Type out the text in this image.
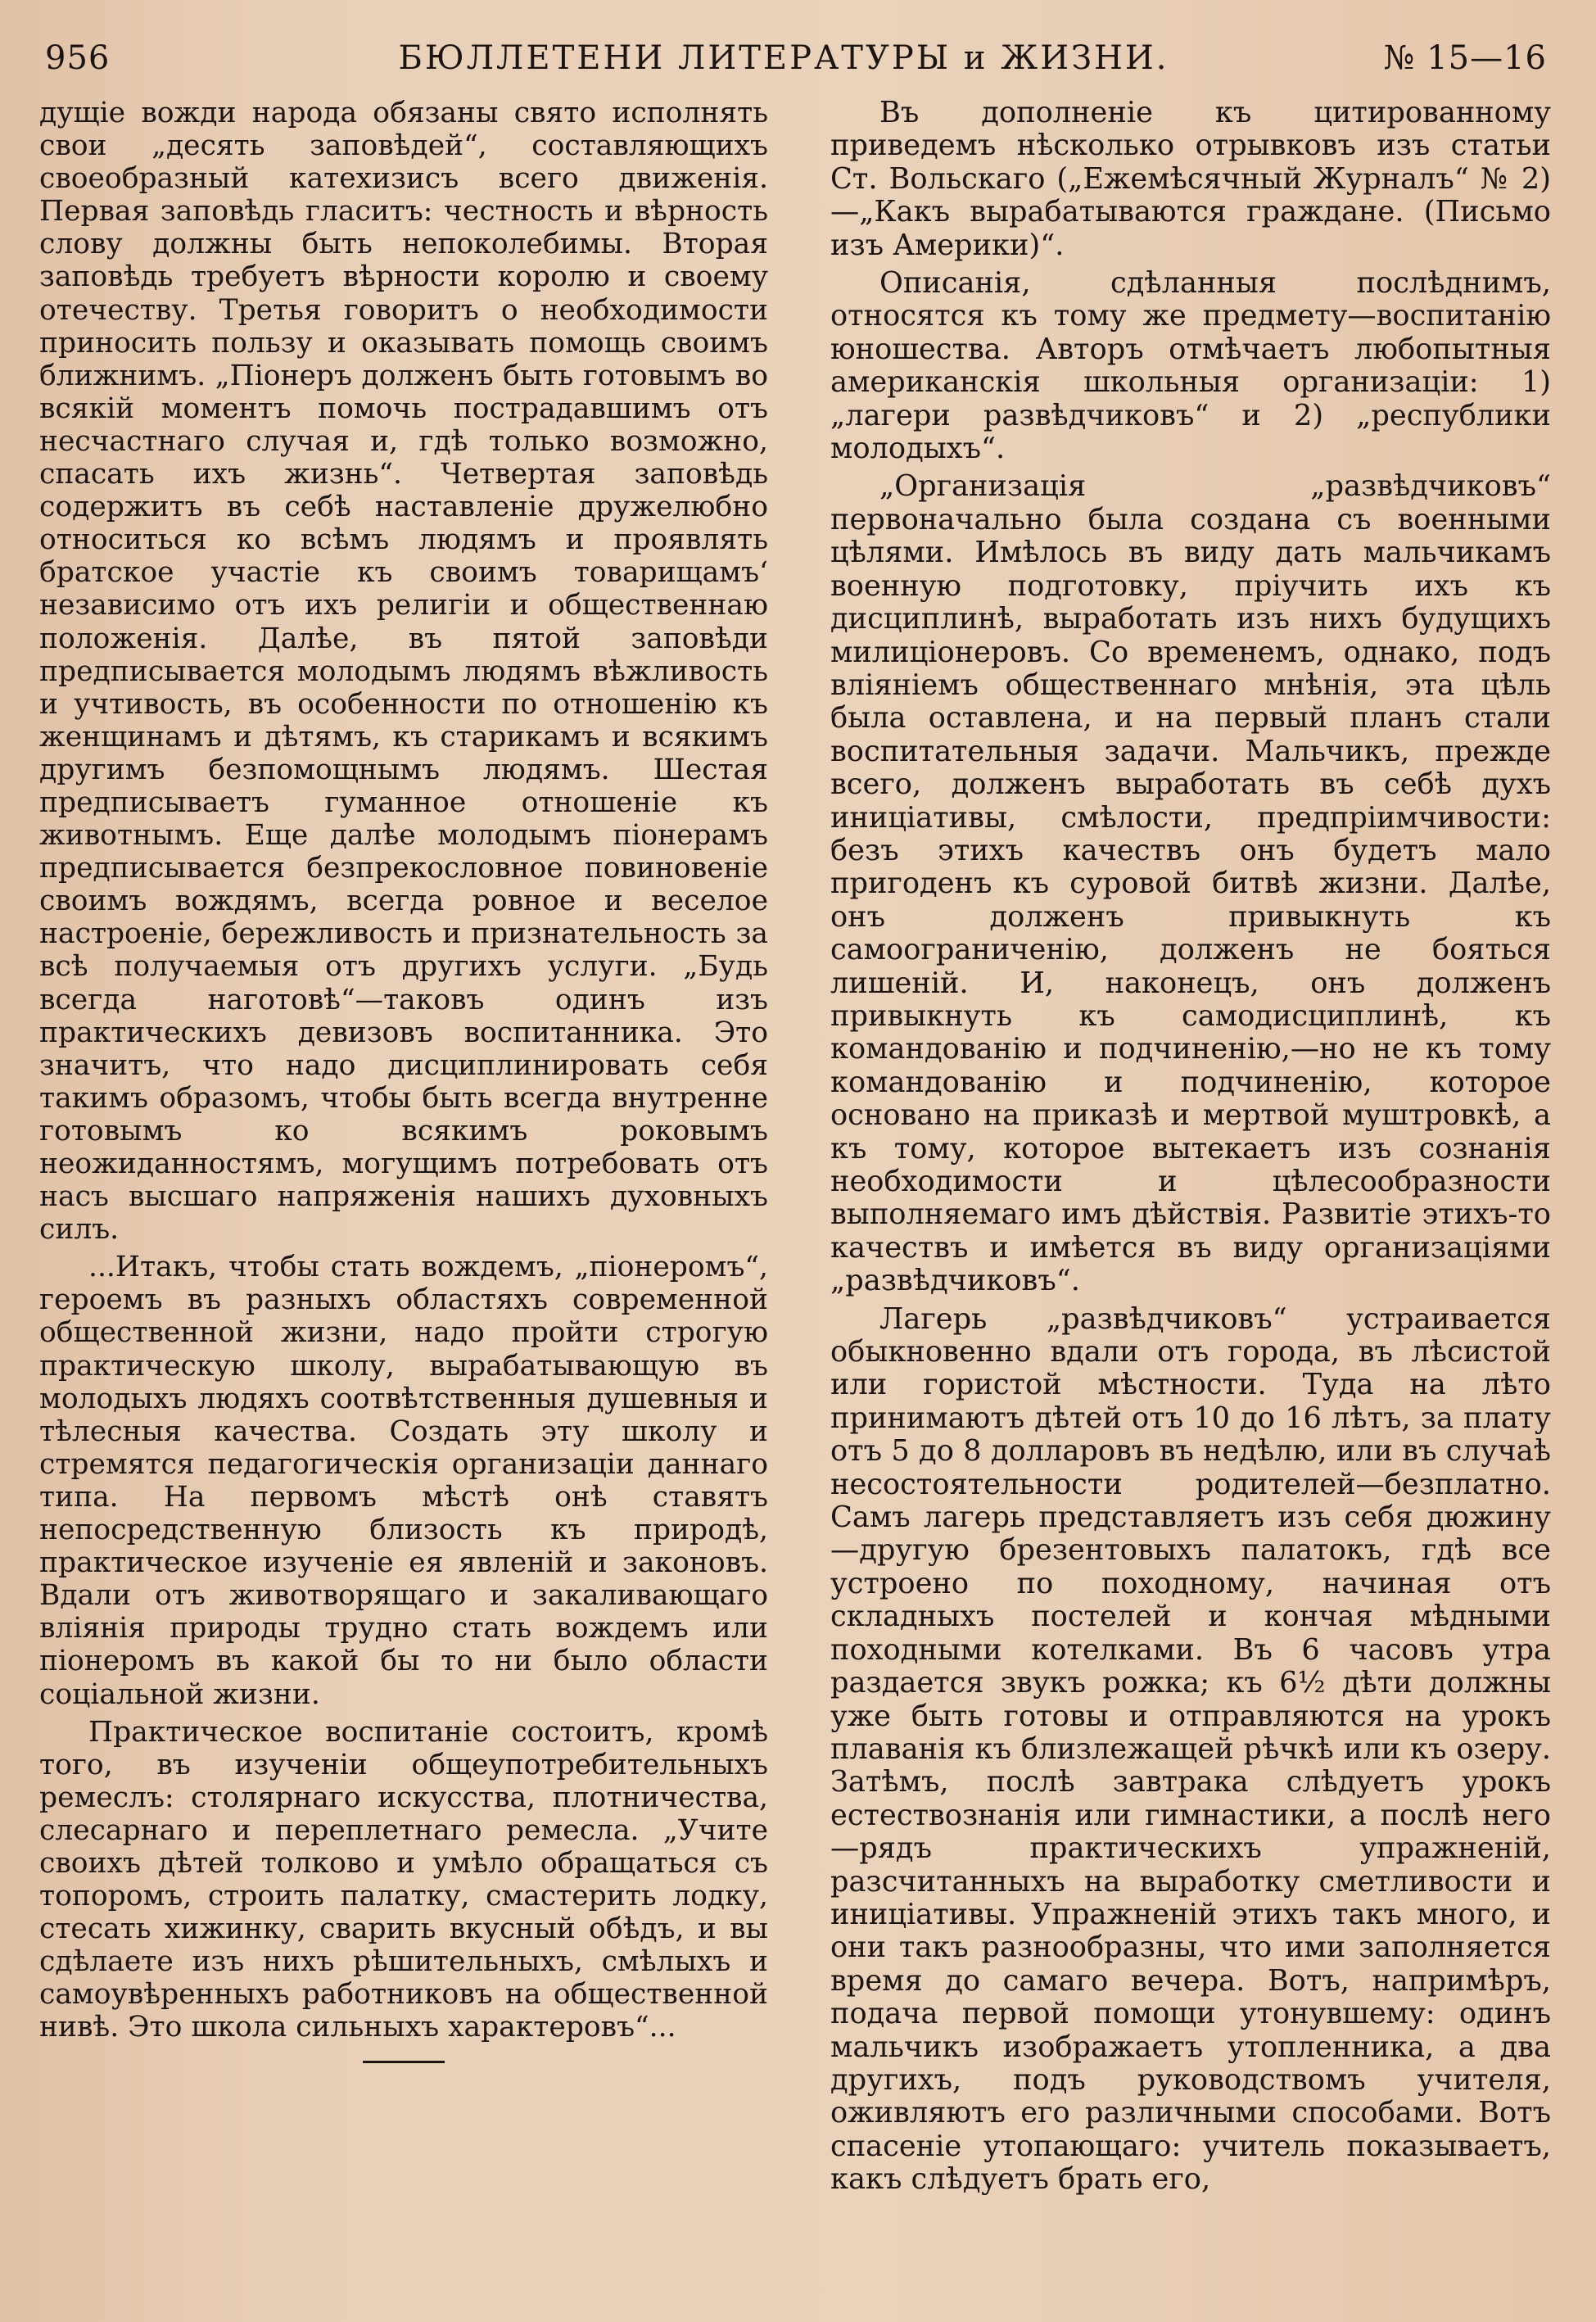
956	БЮЛЛЕТЕНИ ЛИТЕРАТУРЫ и ЖИЗНИ.	№ 15—16

дущіе вожди народа обязаны свято исполнять свои „десять заповѣдей“, составляющихъ своеобразный катехизисъ всего движенія. Первая заповѣдь гласитъ: честность и вѣрность слову должны быть непоколебимы. Вторая заповѣдь требуетъ вѣрности королю и своему отечеству. Третья говоритъ о необходимости приносить пользу и оказывать помощь своимъ ближнимъ. „Піонеръ долженъ быть готовымъ во всякій моментъ помочь пострадавшимъ отъ несчастнаго случая и, гдѣ только возможно, спасать ихъ жизнь“. Четвертая заповѣдь содержитъ въ себѣ наставленіе дружелюбно относиться ко всѣмъ людямъ и проявлять братское участіе къ своимъ товарищамъ‘ независимо отъ ихъ религіи и общественнаю положенія. Далѣе, въ пятой заповѣди предписывается молодымъ людямъ вѣжливость и учтивость, въ особенности по отношенію къ женщинамъ и дѣтямъ, къ старикамъ и всякимъ другимъ безпомощнымъ людямъ. Шестая предписываетъ гуманное отношеніе къ животнымъ. Еще далѣе молодымъ піонерамъ предписывается безпрекословное повиновеніе своимъ вождямъ, всегда ровное и веселое настроеніе, бережливость и признательность за всѣ получаемыя отъ другихъ услуги. „Будь всегда наготовѣ“—таковъ одинъ изъ практическихъ девизовъ воспитанника. Это значитъ, что надо дисциплинировать себя такимъ образомъ, чтобы быть всегда внутренне готовымъ ко всякимъ роковымъ неожиданностямъ, могущимъ потребовать отъ насъ высшаго напряженія нашихъ духовныхъ силъ.

...Итакъ, чтобы стать вождемъ, „піонеромъ“, героемъ въ разныхъ областяхъ современной общественной жизни, надо пройти строгую практическую школу, вырабатывающую въ молодыхъ людяхъ соотвѣтственныя душевныя и тѣлесныя качества. Создать эту школу и стремятся педагогическія организаціи даннаго типа. На первомъ мѣстѣ онѣ ставятъ непосредственную близость къ природѣ, практическое изученіе ея явленій и законовъ. Вдали отъ животворящаго и закаливающаго вліянія природы трудно стать вождемъ или піонеромъ въ какой бы то ни было области соціальной жизни.

Практическое воспитаніе состоитъ, кромѣ того, въ изученіи общеупотребительныхъ ремеслъ: столярнаго искусства, плотничества, слесарнаго и переплетнаго ремесла. „Учите своихъ дѣтей толково и умѣло обращаться съ топоромъ, строить палатку, смастерить лодку, стесать хижинку, сварить вкусный обѣдъ, и вы сдѣлаете изъ нихъ рѣшительныхъ, смѣлыхъ и самоувѣренныхъ работниковъ на общественной нивѣ. Это школа сильныхъ характеровъ“...

Въ дополненіе къ цитированному приведемъ нѣсколько отрывковъ изъ статьи Ст. Вольскаго („Ежемѣсячный Журналъ“ № 2)—„Какъ вырабатываются граждане. (Письмо изъ Америки)“.

Описанія, сдѣланныя послѣднимъ, относятся къ тому же предмету—воспитанію юношества. Авторъ отмѣчаетъ любопытныя американскія школьныя организаціи: 1) „лагери развѣдчиковъ“ и 2) „республики молодыхъ“.

„Организація „развѣдчиковъ“ первоначально была создана съ военными цѣлями. Имѣлось въ виду дать мальчикамъ военную подготовку, пріучить ихъ къ дисциплинѣ, выработать изъ нихъ будущихъ милиціонеровъ. Со временемъ, однако, подъ вліяніемъ общественнаго мнѣнія, эта цѣль была оставлена, и на первый планъ стали воспитательныя задачи. Мальчикъ, прежде всего, долженъ выработать въ себѣ духъ иниціативы, смѣлости, предпріимчивости: безъ этихъ качествъ онъ будетъ мало пригоденъ къ суровой битвѣ жизни. Далѣе, онъ долженъ привыкнуть къ самоограниченію, долженъ не бояться лишеній. И, наконецъ, онъ долженъ привыкнуть къ самодисциплинѣ, къ командованію и подчиненію,—но не къ тому командованію и подчиненію, которое основано на приказѣ и мертвой муштровкѣ, а къ тому, которое вытекаетъ изъ сознанія необходимости и цѣлесообразности выполняемаго имъ дѣйствія. Развитіе этихъ-то качествъ и имѣется въ виду организаціями „развѣдчиковъ“.

Лагерь „развѣдчиковъ“ устраивается обыкновенно вдали отъ города, въ лѣсистой или гористой мѣстности. Туда на лѣто принимаютъ дѣтей отъ 10 до 16 лѣтъ, за плату отъ 5 до 8 долларовъ въ недѣлю, или въ случаѣ несостоятельности родителей—безплатно. Самъ лагерь представляетъ изъ себя дюжину—другую брезентовыхъ палатокъ, гдѣ все устроено по походному, начиная отъ складныхъ постелей и кончая мѣдными походными котелками. Въ 6 часовъ утра раздается звукъ рожка; къ 6½ дѣти должны уже быть готовы и отправляются на урокъ плаванія къ близлежащей рѣчкѣ или къ озеру. Затѣмъ, послѣ завтрака слѣдуетъ урокъ естествознанія или гимнастики, а послѣ него—рядъ практическихъ упражненій, разсчитанныхъ на выработку сметливости и иниціативы. Упражненій этихъ такъ много, и они такъ разнообразны, что ими заполняется время до самаго вечера. Вотъ, напримѣръ, подача первой помощи утонувшему: одинъ мальчикъ изображаетъ утопленника, а два другихъ, подъ руководствомъ учителя, оживляютъ его различными способами. Вотъ спасеніе утопающаго: учитель показываетъ, какъ слѣдуетъ брать его,
